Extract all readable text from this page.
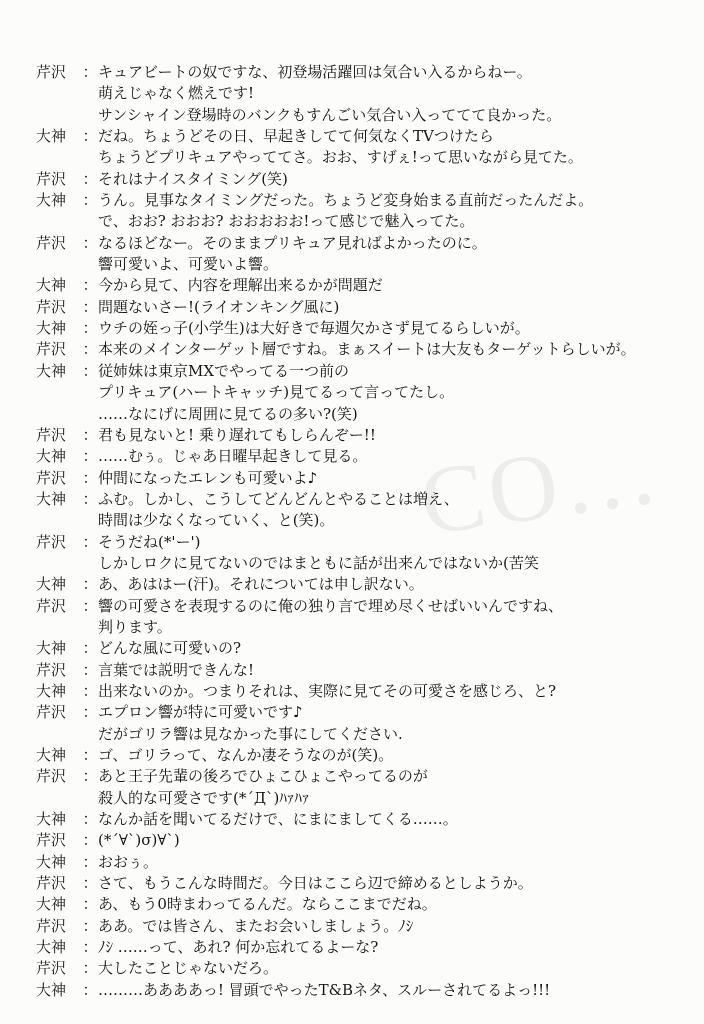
CO…
芹沢	： キュアビートの奴ですな、初登場活躍回は気合い入るからねー。
萌えじゃなく燃えです!
サンシャイン登場時のバンクもすんごい気合い入っててて良かった。
大神	： だね。ちょうどその日、早起きしてて何気なくTVつけたら
ちょうどプリキュアやっててさ。おお、すげぇ!って思いながら見てた。
芹沢	： それはナイスタイミング(笑)
大神	： うん。見事なタイミングだった。ちょうど変身始まる直前だったんだよ。
で、おお? おおお? おおおおお!って感じで魅入ってた。
芹沢	： なるほどなー。そのままプリキュア見ればよかったのに。
響可愛いよ、可愛いよ響。
大神	： 今から見て、内容を理解出来るかが問題だ
芹沢	： 問題ないさー!(ライオンキング風に)
大神	： ウチの姪っ子(小学生)は大好きで毎週欠かさず見てるらしいが。
芹沢	： 本来のメインターゲット層ですね。まぁスイートは大友もターゲットらしいが。
大神	： 従姉妹は東京MXでやってる一つ前の
プリキュア(ハートキャッチ)見てるって言ってたし。
……なにげに周囲に見てるの多い?(笑)
芹沢	： 君も見ないと! 乗り遅れてもしらんぞー!!
大神	： ……むぅ。じゃあ日曜早起きして見る。
芹沢	： 仲間になったエレンも可愛いよ♪
大神	： ふむ。しかし、こうしてどんどんとやることは増え、
時間は少なくなっていく、と(笑)。
芹沢	： そうだね(*'ー')
しかしロクに見てないのではまともに話が出来んではないか(苦笑
大神	： あ、あははー(汗)。それについては申し訳ない。
芹沢	： 響の可愛さを表現するのに俺の独り言で埋め尽くせばいいんですね、
判ります。
大神	： どんな風に可愛いの?
芹沢	： 言葉では説明できんな!
大神	： 出来ないのか。つまりそれは、実際に見てその可愛さを感じろ、と?
芹沢	： エプロン響が特に可愛いです♪
だがゴリラ響は見なかった事にしてください.
大神	： ゴ、ゴリラって、なんか凄そうなのが(笑)。
芹沢	： あと王子先輩の後ろでひょこひょこやってるのが
殺人的な可愛さです(*´Д`)ﾊｧﾊｧ
大神	： なんか話を聞いてるだけで、にまにましてくる……。
芹沢	： (*´∀`)σ)∀`)
大神	： おおぅ。
芹沢	： さて、もうこんな時間だ。今日はここら辺で締めるとしようか。
大神	： あ、もう0時まわってるんだ。ならここまでだね。
芹沢	： ああ。では皆さん、またお会いしましょう。ﾉｼ
大神	： ﾉｼ ……って、あれ? 何か忘れてるよーな?
芹沢	： 大したことじゃないだろ。
大神	： ………ああああっ! 冒頭でやったT&Bネタ、スルーされてるよっ!!!
